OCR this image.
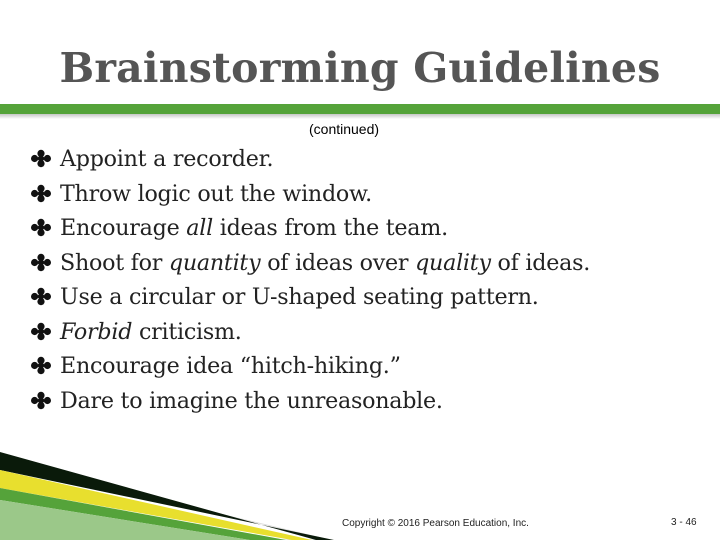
Brainstorming Guidelines
(continued)
Appoint a recorder.
Throw logic out the window.
Encourage all ideas from the team.
Shoot for quantity of ideas over quality of ideas.
Use a circular or U-shaped seating pattern.
Forbid criticism.
Encourage idea “hitch-hiking.”
Dare to imagine the unreasonable.
Copyright © 2016 Pearson Education, Inc.	3 - 46
